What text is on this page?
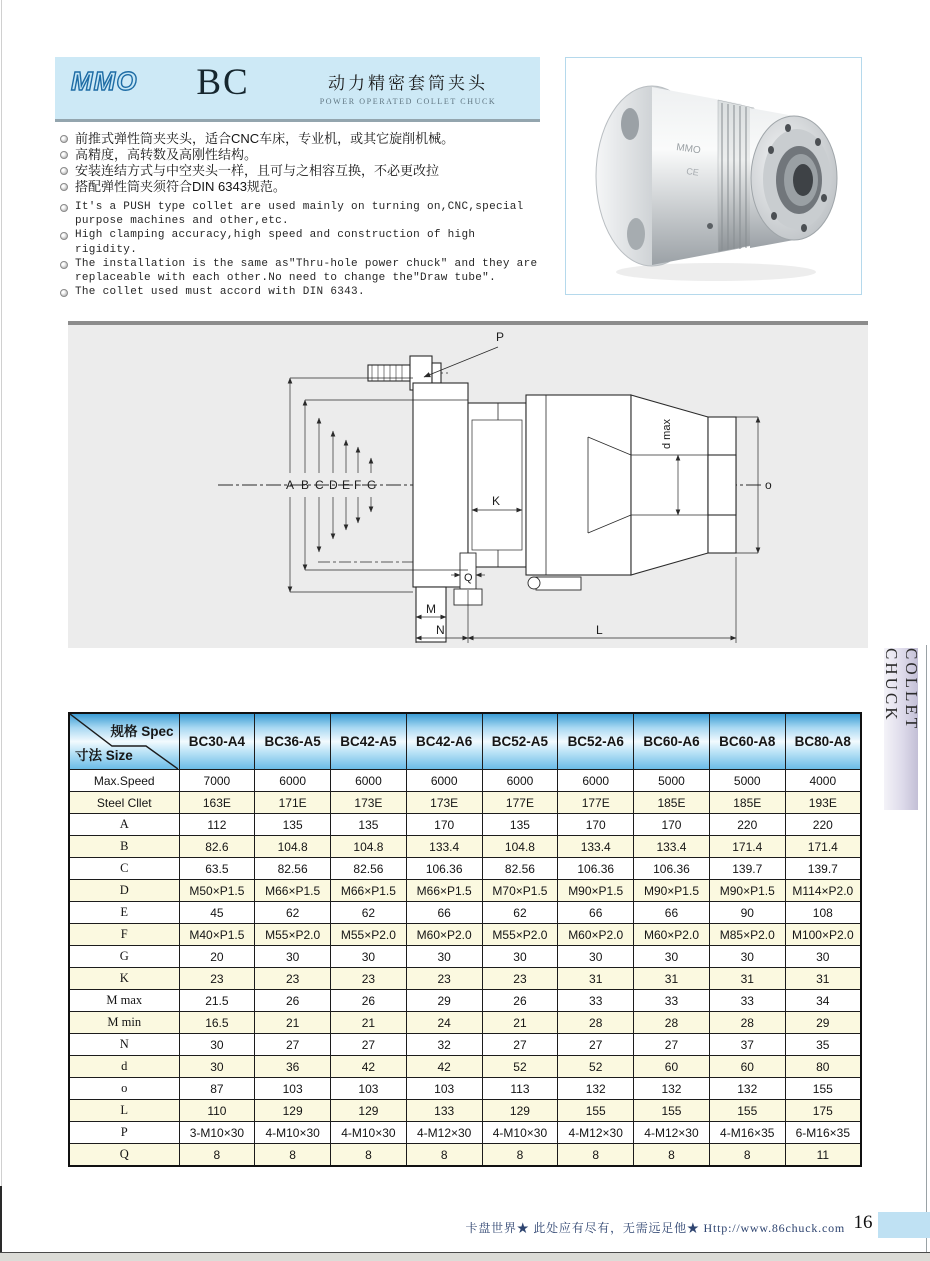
MMO	BC	动力精密套筒夹头
POWER OPERATED COLLET CHUCK
MMO
CE
前推式弹性筒夹夹头，适合CNC车床，专业机，或其它旋削机械。
高精度，高转数及高刚性结构。
安装连结方式与中空夹头一样，且可与之相容互换，不必更改拉
搭配弹性筒夹须符合DIN 6343规范。
It's a PUSH type collet are used mainly on turning on,CNC,special purpose machines and other,etc.
High clamping accuracy,high speed and construction of high rigidity.
The installation is the same as"Thru-hole power chuck" and they are replaceable with each other.No need to change the"Draw tube".
The collet used must accord with DIN 6343.
P
A B C D E F G
K
Q
d max
o
M
N	L
COLLET CHUCK
规格 Spec
寸法 Size	BC30-A4	BC36-A5	BC42-A5	BC42-A6	BC52-A5	BC52-A6	BC60-A6	BC60-A8	BC80-A8
Max.Speed	7000	6000	6000	6000	6000	6000	5000	5000	4000
Steel Cllet	163E	171E	173E	173E	177E	177E	185E	185E	193E
A	112	135	135	170	135	170	170	220	220
B	82.6	104.8	104.8	133.4	104.8	133.4	133.4	171.4	171.4
C	63.5	82.56	82.56	106.36	82.56	106.36	106.36	139.7	139.7
D	M50×P1.5	M66×P1.5	M66×P1.5	M66×P1.5	M70×P1.5	M90×P1.5	M90×P1.5	M90×P1.5	M114×P2.0
E	45	62	62	66	62	66	66	90	108
F	M40×P1.5	M55×P2.0	M55×P2.0	M60×P2.0	M55×P2.0	M60×P2.0	M60×P2.0	M85×P2.0	M100×P2.0
G	20	30	30	30	30	30	30	30	30
K	23	23	23	23	23	31	31	31	31
M max	21.5	26	26	29	26	33	33	33	34
M min	16.5	21	21	24	21	28	28	28	29
N	30	27	27	32	27	27	27	37	35
d	30	36	42	42	52	52	60	60	80
o	87	103	103	103	113	132	132	132	155
L	110	129	129	133	129	155	155	155	175
P	3-M10×30	4-M10×30	4-M10×30	4-M12×30	4-M10×30	4-M12×30	4-M12×30	4-M16×35	6-M16×35
Q	8	8	8	8	8	8	8	8	11
卡盘世界★ 此处应有尽有，无需远足他★ Http://www.86chuck.com 16
